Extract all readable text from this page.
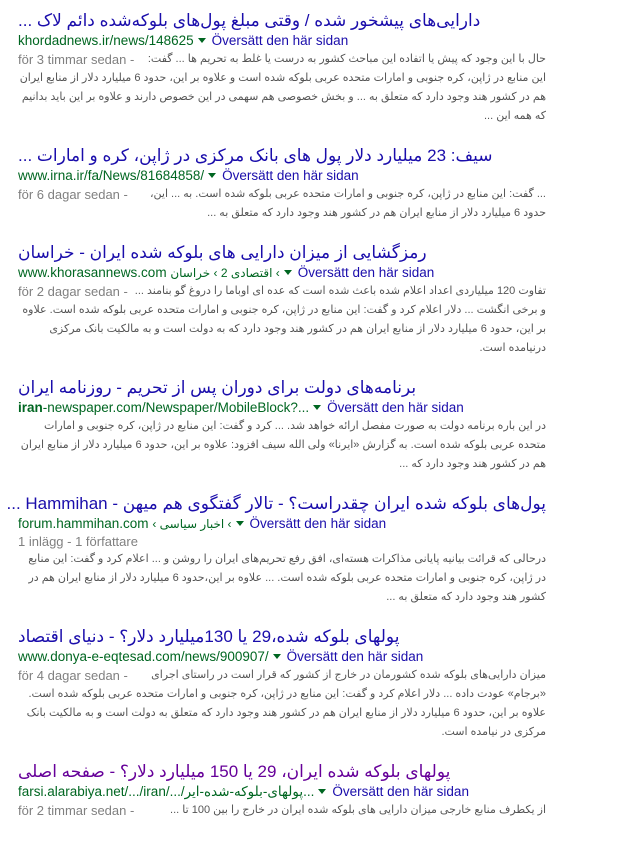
دارایی‌های پیشخور شده / وقتی مبلغ پول‌های بلوکه‌شده دائم لاک ...
khordadnews.ir/news/148625 Översätt den här sidan
för 3 timmar sedan - حال با این وجود که پیش یا اتفاده این مباحث کشور به درست یا غلط به تحریم ها ... گفت: این منابع در ژاپن، کره جنوبی و امارات متحده عربی بلوکه شده است و علاوه بر این، حدود 6 میلیارد دلار از منابع ایران هم در کشور هند وجود دارد که متعلق به ... و بخش خصوصی هم سهمی در این خصوص دارند و علاوه بر این باید بدانیم که همه این ...
سیف: 23 میلیارد دلار پول های بانک مرکزی در ژاپن، کره و امارات ...
www.irna.ir/fa/News/81684858/ Översätt den här sidan
för 6 dagar sedan - ... گفت: این منابع در ژاپن، کره جنوبی و امارات متحده عربی بلوکه شده است. به ... این، حدود 6 میلیارد دلار از منابع ایران هم در کشور هند وجود دارد که متعلق به ...
رمزگشایی از میزان دارایی های بلوکه شده ایران - خراسان
www.khorasannews.com › اقتصادی 2 › خراسان Översätt den här sidan
för 2 dagar sedan - تفاوت 120 میلیاردی اعداد اعلام شده باعث شده است که عده ای اوباما را دروغ گو بنامند ... و برخی انگشت ... دلار اعلام کرد و گفت: این منابع در ژاپن، کره جنوبی و امارات متحده عربی بلوکه شده است. علاوه بر این، حدود 6 میلیارد دلار از منابع ایران هم در کشور هند وجود دارد که به دولت است و به مالکیت بانک مرکزی درنیامده است.
برنامه‌های دولت برای دوران پس از تحریم - روزنامه ایران
iran-newspaper.com/Newspaper/MobileBlock?... Översätt den här sidan
در این باره برنامه دولت به صورت مفصل ارائه خواهد شد. ... کرد و گفت: این منابع در ژاپن، کره جنوبی و امارات متحده عربی بلوکه شده است. به گزارش «ایرنا» ولی الله سیف افزود: علاوه بر این، حدود 6 میلیارد دلار از منابع ایران هم در کشور هند وجود دارد که ...
پول‌های بلوکه شده ایران چقدراست؟ - تالار گفتگوی هم میهن - Hammihan ...
forum.hammihan.com › اخبار سیاسی › Översätt den här sidan
1 inlägg - 1 författare
درحالی که قرائت بیانیه پایانی مذاکرات هسته‌ای، افق رفع تحریم‌های ایران را روشن و ... اعلام کرد و گفت: این منابع در ژاپن، کره جنوبی و امارات متحده عربی بلوکه شده است. ... علاوه بر این،حدود 6 میلیارد دلار از منابع ایران هم در کشور هند وجود دارد که متعلق به ...
پولهای بلوکه شده،29 یا 130میلیارد دلار؟ - دنیای اقتصاد
www.donya-e-eqtesad.com/news/900907/ Översätt den här sidan
för 4 dagar sedan - میزان دارایی‌های بلوکه شده کشورمان در خارج از کشور که قرار است در راستای اجرای «برجام» عودت داده ... دلار اعلام کرد و گفت: این منابع در ژاپن، کره جنوبی و امارات متحده عربی بلوکه شده است. علاوه بر این، حدود 6 میلیارد دلار از منابع ایران هم در کشور هند وجود دارد که متعلق به دولت است و به مالکیت بانک مرکزی در نیامده است.
پولهای بلوکه شده ایران، 29 یا 150 میلیارد دلار؟ - صفحه اصلی
farsi.alarabiya.net/.../iran/.../پولهای-بلوکه-شده-ایر... Översätt den här sidan
för 2 timmar sedan -	از یکطرف منابع خارجی میزان دارایی های بلوکه شده ایران در خارج را بین 100 تا ...
